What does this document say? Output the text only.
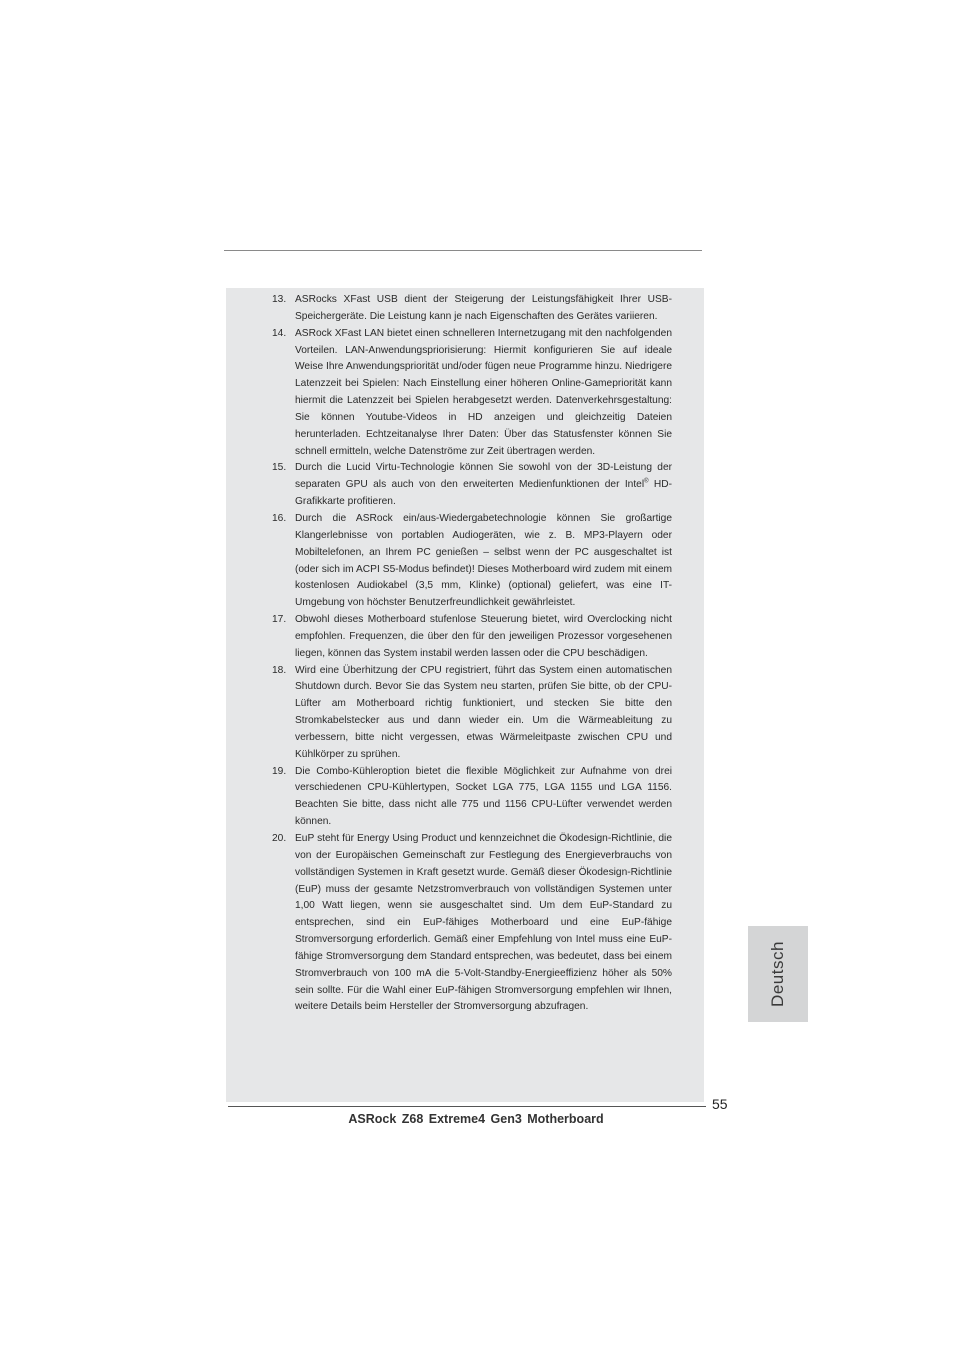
13. ASRocks XFast USB dient der Steigerung der Leistungsfähigkeit Ihrer USB-Speichergeräte. Die Leistung kann je nach Eigenschaften des Gerätes variieren.
14. ASRock XFast LAN bietet einen schnelleren Internetzugang mit den nachfolgenden Vorteilen. LAN-Anwendungspriorisierung: Hiermit konfigurieren Sie auf ideale Weise Ihre Anwendungspriorität und/oder fügen neue Programme hinzu. Niedrigere Latenzzeit bei Spielen: Nach Einstellung einer höheren Online-Gamepriorität kann hiermit die Latenzzeit bei Spielen herabgesetzt werden. Datenverkehrsgestaltung: Sie können Youtube-Videos in HD anzeigen und gleichzeitig Dateien herunterladen. Echtzeitanalyse Ihrer Daten: Über das Statusfenster können Sie schnell ermitteln, welche Datenströme zur Zeit übertragen werden.
15. Durch die Lucid Virtu-Technologie können Sie sowohl von der 3D-Leistung der separaten GPU als auch von den erweiterten Medienfunktionen der Intel® HD-Grafikkarte profitieren.
16. Durch die ASRock ein/aus-Wiedergabetechnologie können Sie großartige Klangerlebnisse von portablen Audiogeräten, wie z. B. MP3-Playern oder Mobiltelefonen, an Ihrem PC genießen – selbst wenn der PC ausgeschaltet ist (oder sich im ACPI S5-Modus befindet)! Dieses Motherboard wird zudem mit einem kostenlosen Audiokabel (3,5 mm, Klinke) (optional) geliefert, was eine IT-Umgebung von höchster Benutzerfreundlichkeit gewährleistet.
17. Obwohl dieses Motherboard stufenlose Steuerung bietet, wird Overclocking nicht empfohlen. Frequenzen, die über den für den jeweiligen Prozessor vorgesehenen liegen, können das System instabil werden lassen oder die CPU beschädigen.
18. Wird eine Überhitzung der CPU registriert, führt das System einen automatischen Shutdown durch. Bevor Sie das System neu starten, prüfen Sie bitte, ob der CPU-Lüfter am Motherboard richtig funktioniert, und stecken Sie bitte den Stromkabelstecker aus und dann wieder ein. Um die Wärmeableitung zu verbessern, bitte nicht vergessen, etwas Wärmeleitpaste zwischen CPU und Kühlkörper zu sprühen.
19. Die Combo-Kühleroption bietet die flexible Möglichkeit zur Aufnahme von drei verschiedenen CPU-Kühlertypen, Socket LGA 775, LGA 1155 und LGA 1156. Beachten Sie bitte, dass nicht alle 775 und 1156 CPU-Lüfter verwendet werden können.
20. EuP steht für Energy Using Product und kennzeichnet die Ökodesign-Richtlinie, die von der Europäischen Gemeinschaft zur Festlegung des Energieverbrauchs von vollständigen Systemen in Kraft gesetzt wurde. Gemäß dieser Ökodesign-Richtlinie (EuP) muss der gesamte Netzstromverbrauch von vollständigen Systemen unter 1,00 Watt liegen, wenn sie ausgeschaltet sind. Um dem EuP-Standard zu entsprechen, sind ein EuP-fähiges Motherboard und eine EuP-fähige Stromversorgung erforderlich. Gemäß einer Empfehlung von Intel muss eine EuP-fähige Stromversorgung dem Standard entsprechen, was bedeutet, dass bei einem Stromverbrauch von 100 mA die 5-Volt-Standby-Energieeffizienz höher als 50% sein sollte. Für die Wahl einer EuP-fähigen Stromversorgung empfehlen wir Ihnen, weitere Details beim Hersteller der Stromversorgung abzufragen.
55
ASRock Z68 Extreme4 Gen3 Motherboard
Deutsch
